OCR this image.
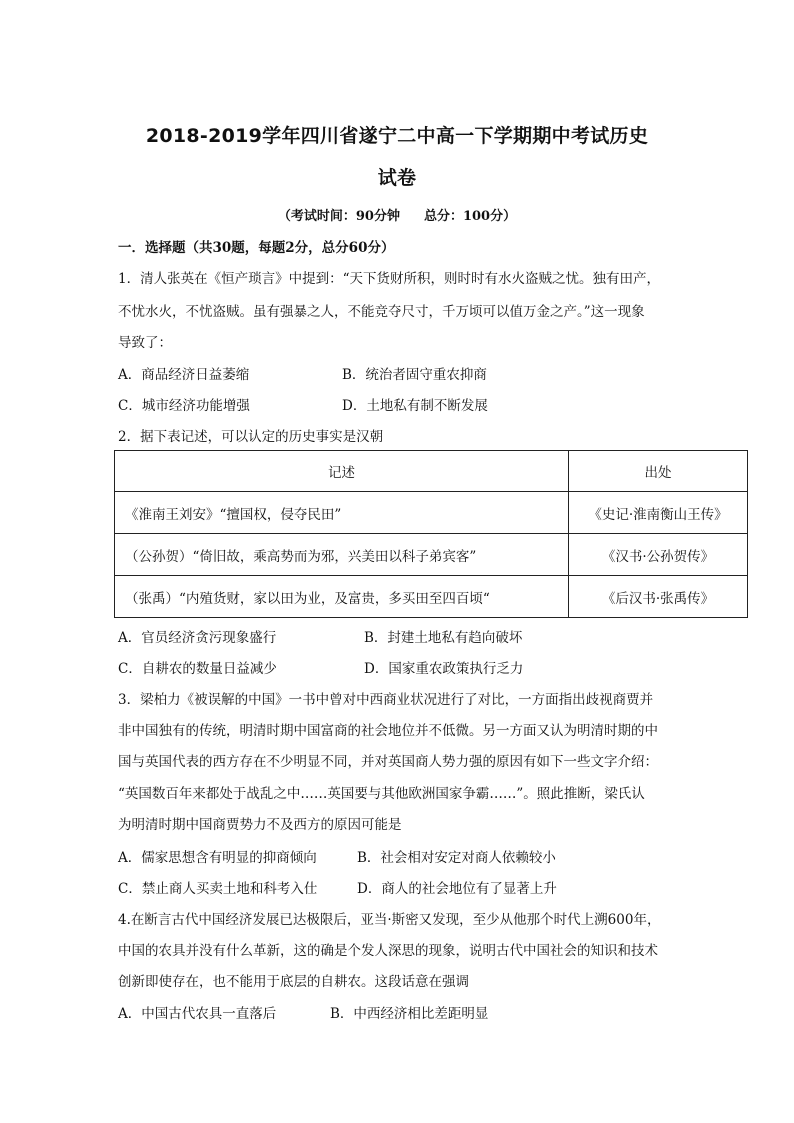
2018-2019学年四川省遂宁二中高一下学期期中考试历史
试卷
（考试时间：90分钟 总分：100分）
一．选择题（共30题，每题2分，总分60分）
1．清人张英在《恒产琐言》中提到：“天下货财所积，则时时有水火盗贼之忧。独有田产，
不忧水火，不忧盗贼。虽有强暴之人，不能竞夺尺寸，千万顷可以值万金之产。”这一现象
导致了：
A．商品经济日益萎缩	B．统治者固守重农抑商
C．城市经济功能增强	D．土地私有制不断发展
2．据下表记述，可以认定的历史事实是汉朝
记述	出处
《淮南王刘安》“擅国权，侵夺民田”	《史记·淮南衡山王传》
（公孙贺）“倚旧故，乘高势而为邪，兴美田以科子弟宾客”	《汉书·公孙贺传》
（张禹）“内殖货财，家以田为业，及富贵，多买田至四百顷“	《后汉书·张禹传》
A．官员经济贪污现象盛行	B．封建土地私有趋向破坏
C．自耕农的数量日益减少	D．国家重农政策执行乏力
3．梁柏力《被误解的中国》一书中曾对中西商业状况进行了对比，一方面指出歧视商贾并
非中国独有的传统，明清时期中国富商的社会地位并不低微。另一方面又认为明清时期的中
国与英国代表的西方存在不少明显不同，并对英国商人势力强的原因有如下一些文字介绍：
“英国数百年来都处于战乱之中……英国要与其他欧洲国家争霸……”。照此推断，梁氏认
为明清时期中国商贾势力不及西方的原因可能是
A．儒家思想含有明显的抑商倾向	B．社会相对安定对商人依赖较小
C．禁止商人买卖土地和科考入仕	D．商人的社会地位有了显著上升
4.在断言古代中国经济发展已达极限后，亚当·斯密又发现，至少从他那个时代上溯600年，
中国的农具并没有什么革新，这的确是个发人深思的现象，说明古代中国社会的知识和技术
创新即使存在，也不能用于底层的自耕农。这段话意在强调
A．中国古代农具一直落后	B．中西经济相比差距明显
